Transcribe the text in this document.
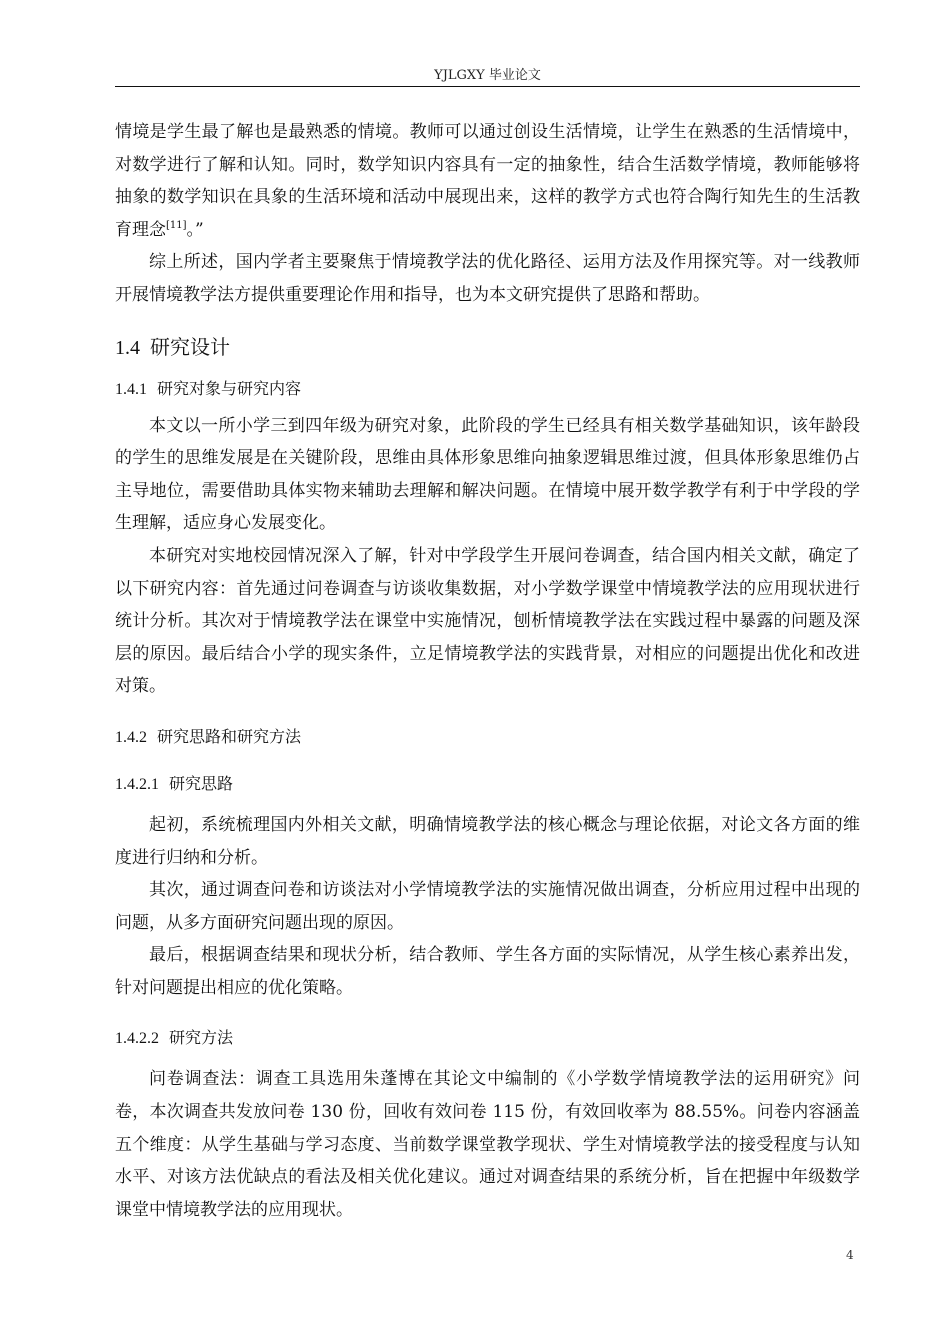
YJLGXY 毕业论文

情境是学生最了解也是最熟悉的情境。教师可以通过创设生活情境，让学生在熟悉的生活情境中，对数学进行了解和认知。同时，数学知识内容具有一定的抽象性，结合生活数学情境，教师能够将抽象的数学知识在具象的生活环境和活动中展现出来，这样的教学方式也符合陶行知先生的生活教育理念[11]。”

综上所述，国内学者主要聚焦于情境教学法的优化路径、运用方法及作用探究等。对一线教师开展情境教学法方提供重要理论作用和指导，也为本文研究提供了思路和帮助。

1.4 研究设计
1.4.1 研究对象与研究内容

本文以一所小学三到四年级为研究对象，此阶段的学生已经具有相关数学基础知识，该年龄段的学生的思维发展是在关键阶段，思维由具体形象思维向抽象逻辑思维过渡，但具体形象思维仍占主导地位，需要借助具体实物来辅助去理解和解决问题。在情境中展开数学教学有利于中学段的学生理解，适应身心发展变化。

本研究对实地校园情况深入了解，针对中学段学生开展问卷调查，结合国内相关文献，确定了以下研究内容：首先通过问卷调查与访谈收集数据，对小学数学课堂中情境教学法的应用现状进行统计分析。其次对于情境教学法在课堂中实施情况，刨析情境教学法在实践过程中暴露的问题及深层的原因。最后结合小学的现实条件，立足情境教学法的实践背景，对相应的问题提出优化和改进对策。

1.4.2 研究思路和研究方法
1.4.2.1 研究思路

起初，系统梳理国内外相关文献，明确情境教学法的核心概念与理论依据，对论文各方面的维度进行归纳和分析。

其次，通过调查问卷和访谈法对小学情境教学法的实施情况做出调查，分析应用过程中出现的问题，从多方面研究问题出现的原因。

最后，根据调查结果和现状分析，结合教师、学生各方面的实际情况，从学生核心素养出发，针对问题提出相应的优化策略。

1.4.2.2 研究方法

问卷调查法：调查工具选用朱蓬博在其论文中编制的《小学数学情境教学法的运用研究》问卷，本次调查共发放问卷 130 份，回收有效问卷 115 份，有效回收率为 88.55%。问卷内容涵盖五个维度：从学生基础与学习态度、当前数学课堂教学现状、学生对情境教学法的接受程度与认知水平、对该方法优缺点的看法及相关优化建议。通过对调查结果的系统分析，旨在把握中年级数学课堂中情境教学法的应用现状。

4
